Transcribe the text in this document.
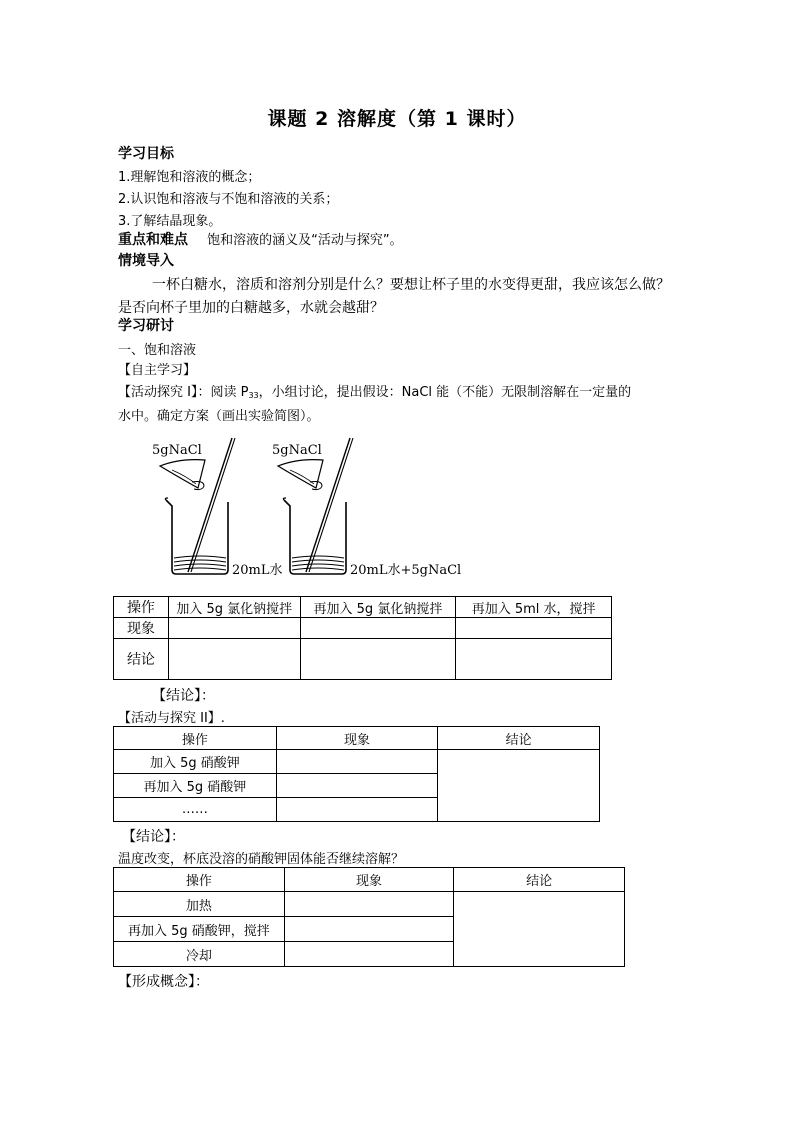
课题 2 溶解度（第 1 课时）
学习目标
1.理解饱和溶液的概念；
2.认识饱和溶液与不饱和溶液的关系；
3.了解结晶现象。
重点和难点 饱和溶液的涵义及“活动与探究”。
情境导入
一杯白糖水，溶质和溶剂分别是什么？要想让杯子里的水变得更甜，我应该怎么做？
是否向杯子里加的白糖越多，水就会越甜？
学习研讨
一、饱和溶液
【自主学习】
【活动探究 I】：阅读 $P_{33}$，小组讨论，提出假设：NaCl 能（不能）无限制溶解在一定量的
水中。确定方案（画出实验简图）。
5gNaCl
20mL水
5gNaCl
20mL水+5gNaCl
操作	加入 5g 氯化钠搅拌	再加入 5g 氯化钠搅拌	再加入 5ml 水，搅拌
现象			
结论			
【结论】：
【活动与探究 II】.
操作	现象	结论
加入 5g 硝酸钾		
再加入 5g 硝酸钾		
……		
【结论】：
温度改变，杯底没溶的硝酸钾固体能否继续溶解？
操作	现象	结论
加热		
再加入 5g 硝酸钾，搅拌		
冷却		
【形成概念】：
